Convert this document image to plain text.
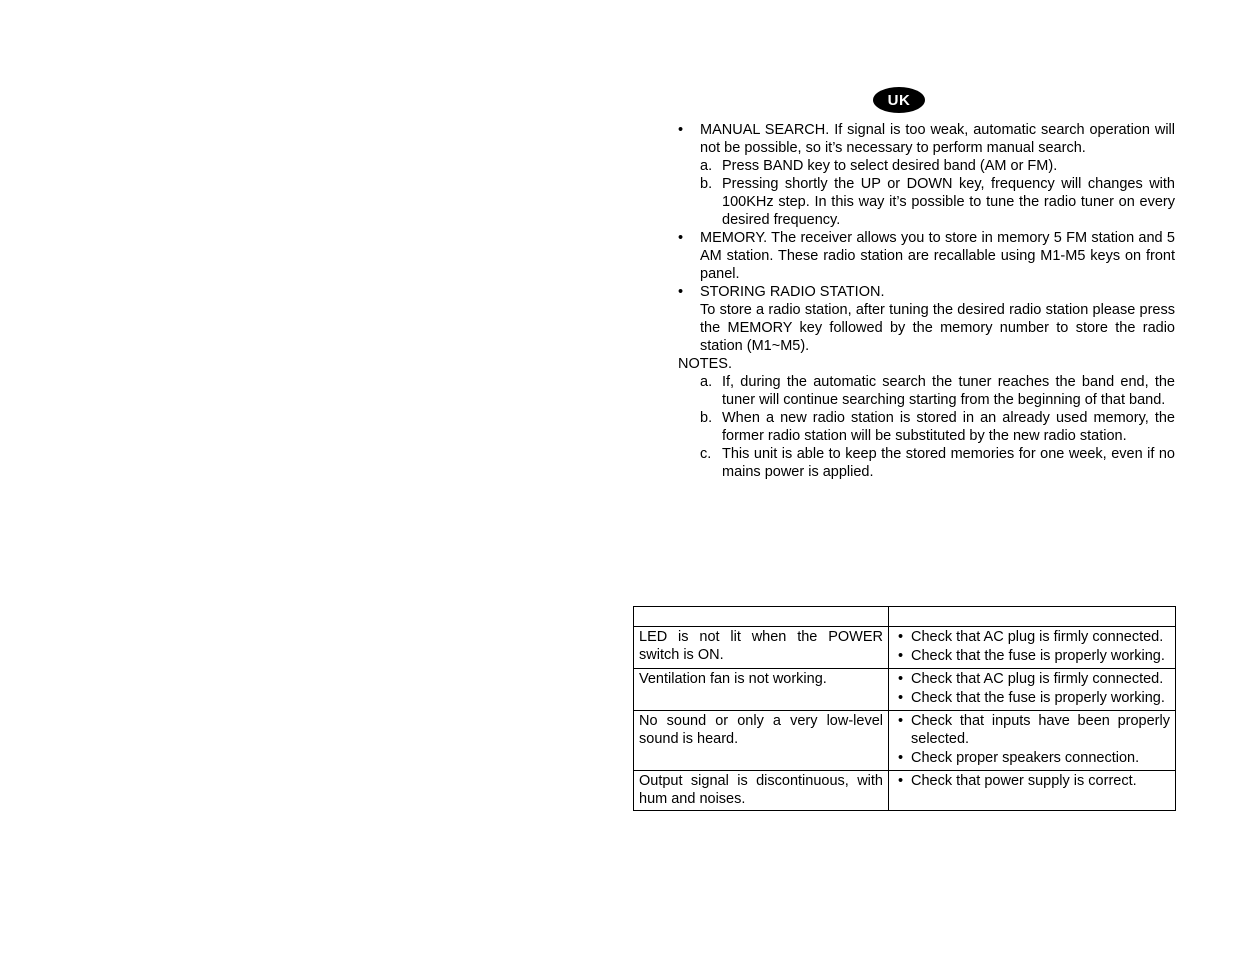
UK
• MANUAL SEARCH. If signal is too weak, automatic search operation will not be possible, so it’s necessary to perform manual search.
a. Press BAND key to select desired band (AM or FM).
b. Pressing shortly the UP or DOWN key, frequency will changes with 100KHz step. In this way it’s possible to tune the radio tuner on every desired frequency.
• MEMORY. The receiver allows you to store in memory 5 FM station and 5 AM station. These radio station are recallable using M1-M5 keys on front panel.
• STORING RADIO STATION.
To store a radio station, after tuning the desired radio station please press the MEMORY key followed by the memory number to store the radio station (M1~M5).
NOTES.
a. If, during the automatic search the tuner reaches the band end, the tuner will continue searching starting from the beginning of that band.
b. When a new radio station is stored in an already used memory, the former radio station will be substituted by the new radio station.
c. This unit is able to keep the stored memories for one week, even if no mains power is applied.

LED is not lit when the POWER switch is ON.	• Check that AC plug is firmly connected.
• Check that the fuse is properly working.

Ventilation fan is not working.	• Check that AC plug is firmly connected.
• Check that the fuse is properly working.

No sound or only a very low-level sound is heard.	• Check that inputs have been properly selected.
• Check proper speakers connection.

Output signal is discontinuous, with hum and noises.	• Check that power supply is correct.
